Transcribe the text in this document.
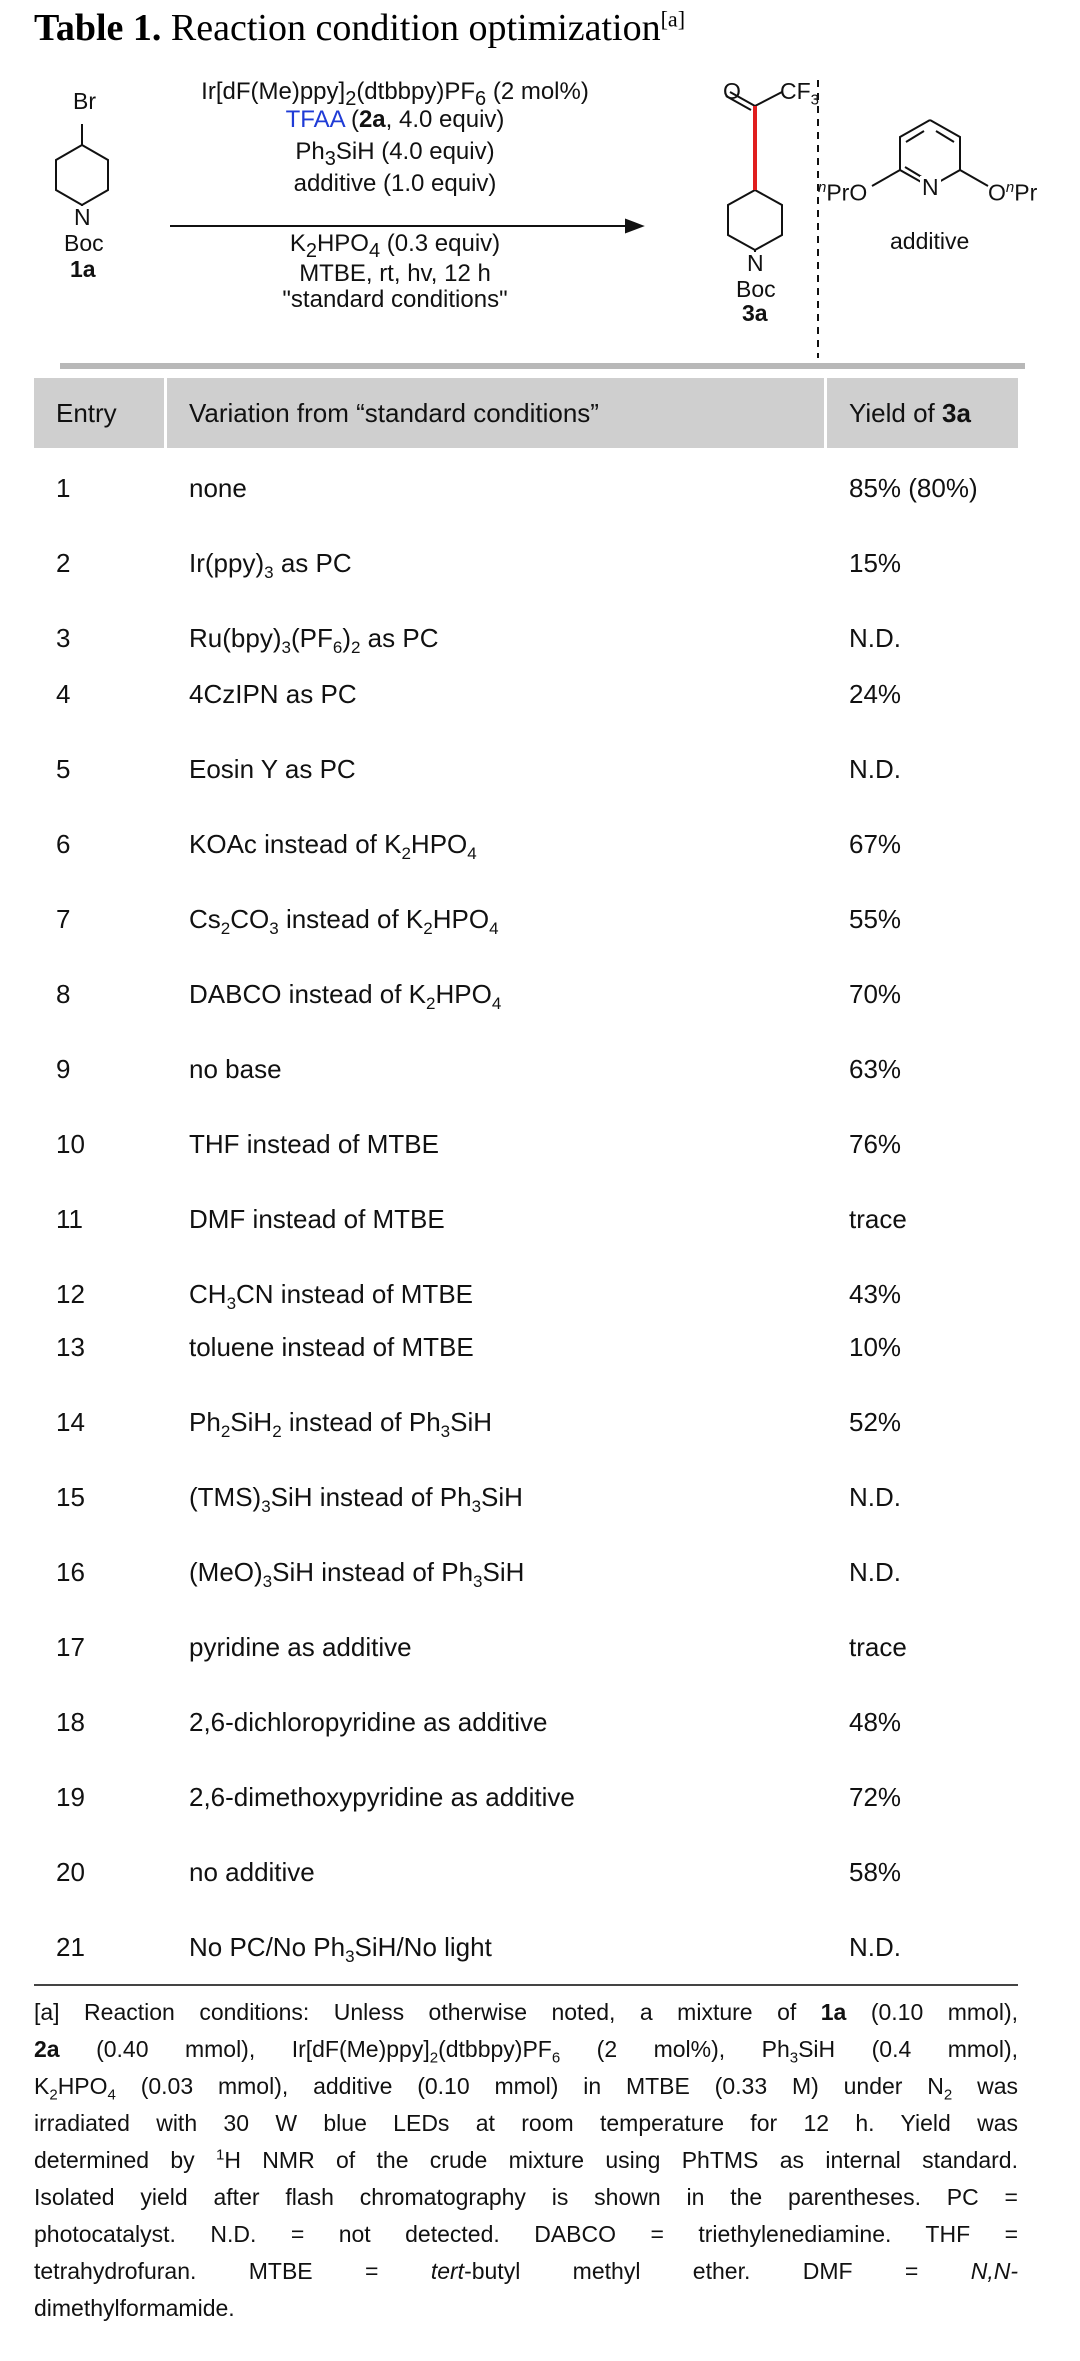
Table 1. Reaction condition optimization[a]
Br
N
Boc
1a
$Ir[dF(Me)ppy]_2(dtbbpy)PF_6$ (2 mol%)
TFAA (2a, 4.0 equiv)
$Ph_3SiH$ (4.0 equiv)
additive (1.0 equiv)
$K_2HPO_4$ (0.3 equiv)
MTBE, rt, hv, 12 h
"standard conditions"
O $CF_3$
N
Boc
3a
$^n$PrO N $O^nPr$
additive
Entry	Variation from “standard conditions”	Yield of 3a
1	none	85% (80%)
2	$Ir(ppy)_3$ as PC	15%
3	$Ru(bpy)_3(PF_6)_2$ as PC	N.D.
4	4CzIPN as PC	24%
5	Eosin Y as PC	N.D.
6	KOAc instead of $K_2HPO_4$	67%
7	$Cs_2CO_3$ instead of $K_2HPO_4$	55%
8	DABCO instead of $K_2HPO_4$	70%
9	no base	63%
10	THF instead of MTBE	76%
11	DMF instead of MTBE	trace
12	$CH_3CN$ instead of MTBE	43%
13	toluene instead of MTBE	10%
14	$Ph_2SiH_2$ instead of $Ph_3SiH$	52%
15	$(TMS)_3SiH$ instead of $Ph_3SiH$	N.D.
16	$(MeO)_3SiH$ instead of $Ph_3SiH$	N.D.
17	pyridine as additive	trace
18	2,6-dichloropyridine as additive	48%
19	2,6-dimethoxypyridine as additive	72%
20	no additive	58%
21	No PC/No $Ph_3SiH/No$ light	N.D.
[a] Reaction conditions: Unless otherwise noted, a mixture of 1a (0.10 mmol),
2a (0.40 mmol), $Ir[dF(Me)ppy]_2(dtbbpy)PF_6$ (2 mol%), $Ph_3SiH$ (0.4 mmol),
$K_2HPO_4$ (0.03 mmol), additive (0.10 mmol) in MTBE (0.33 M) under $N_2$ was
irradiated with 30 W blue LEDs at room temperature for 12 h. Yield was
determined by $^1$H NMR of the crude mixture using PhTMS as internal standard.
Isolated yield after flash chromatography is shown in the parentheses. PC =
photocatalyst. N.D. = not detected. DABCO = triethylenediamine. THF =
tetrahydrofuran.   MTBE   =   tert-butyl   methyl   ether.   DMF   =   N,N-
dimethylformamide.
